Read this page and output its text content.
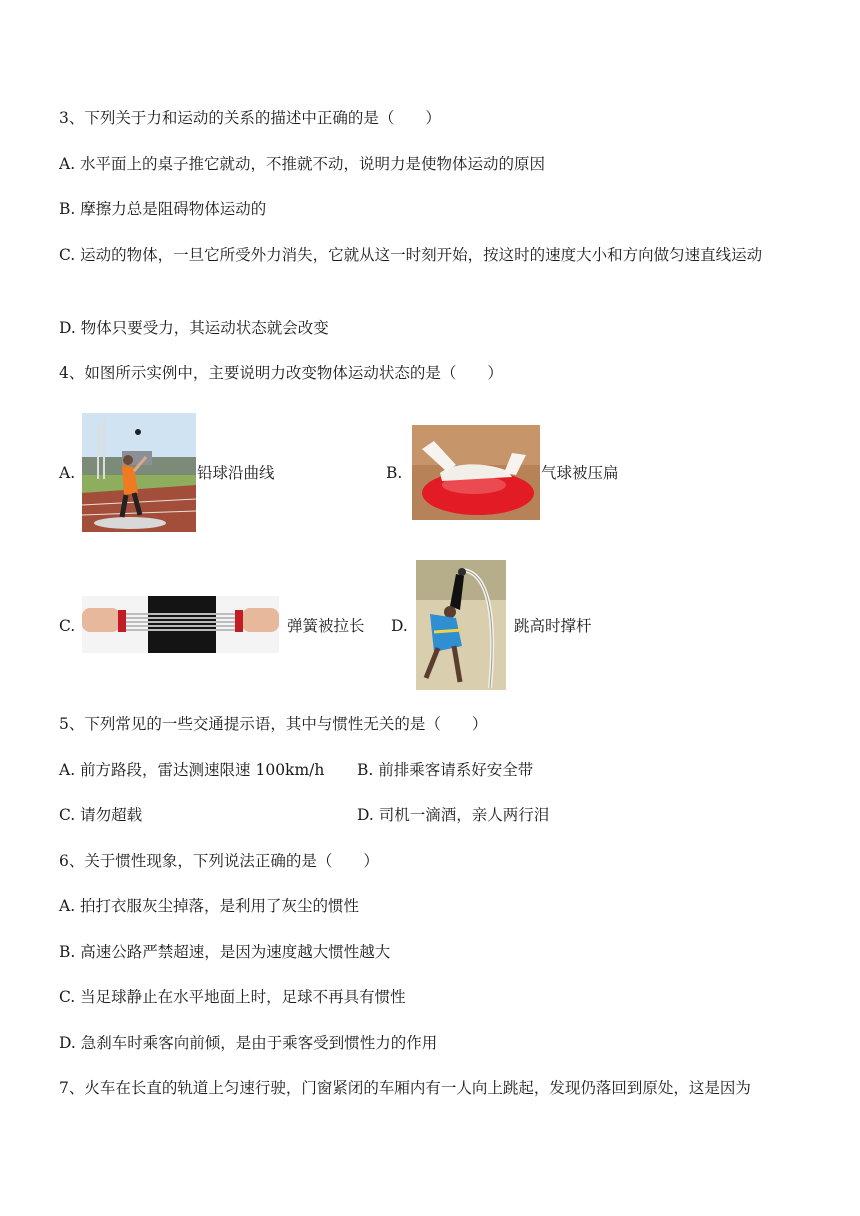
3、下列关于力和运动的关系的描述中正确的是（　　）
A. 水平面上的桌子推它就动，不推就不动，说明力是使物体运动的原因
B. 摩擦力总是阻碍物体运动的
C. 运动的物体，一旦它所受外力消失，它就从这一时刻开始，按这时的速度大小和方向做匀速直线运动
D. 物体只要受力，其运动状态就会改变
4、如图所示实例中，主要说明力改变物体运动状态的是（　　）
A.	铅球沿曲线	B.	气球被压扁
C.	弹簧被拉长 D.	跳高时撑杆
5、下列常见的一些交通提示语，其中与惯性无关的是（　　）
A. 前方路段，雷达测速限速 100km/h B. 前排乘客请系好安全带
C. 请勿超载	D. 司机一滴酒，亲人两行泪
6、关于惯性现象，下列说法正确的是（　　）
A. 拍打衣服灰尘掉落，是利用了灰尘的惯性
B. 高速公路严禁超速，是因为速度越大惯性越大
C. 当足球静止在水平地面上时，足球不再具有惯性
D. 急刹车时乘客向前倾，是由于乘客受到惯性力的作用
7、火车在长直的轨道上匀速行驶，门窗紧闭的车厢内有一人向上跳起，发现仍落回到原处，这是因为
